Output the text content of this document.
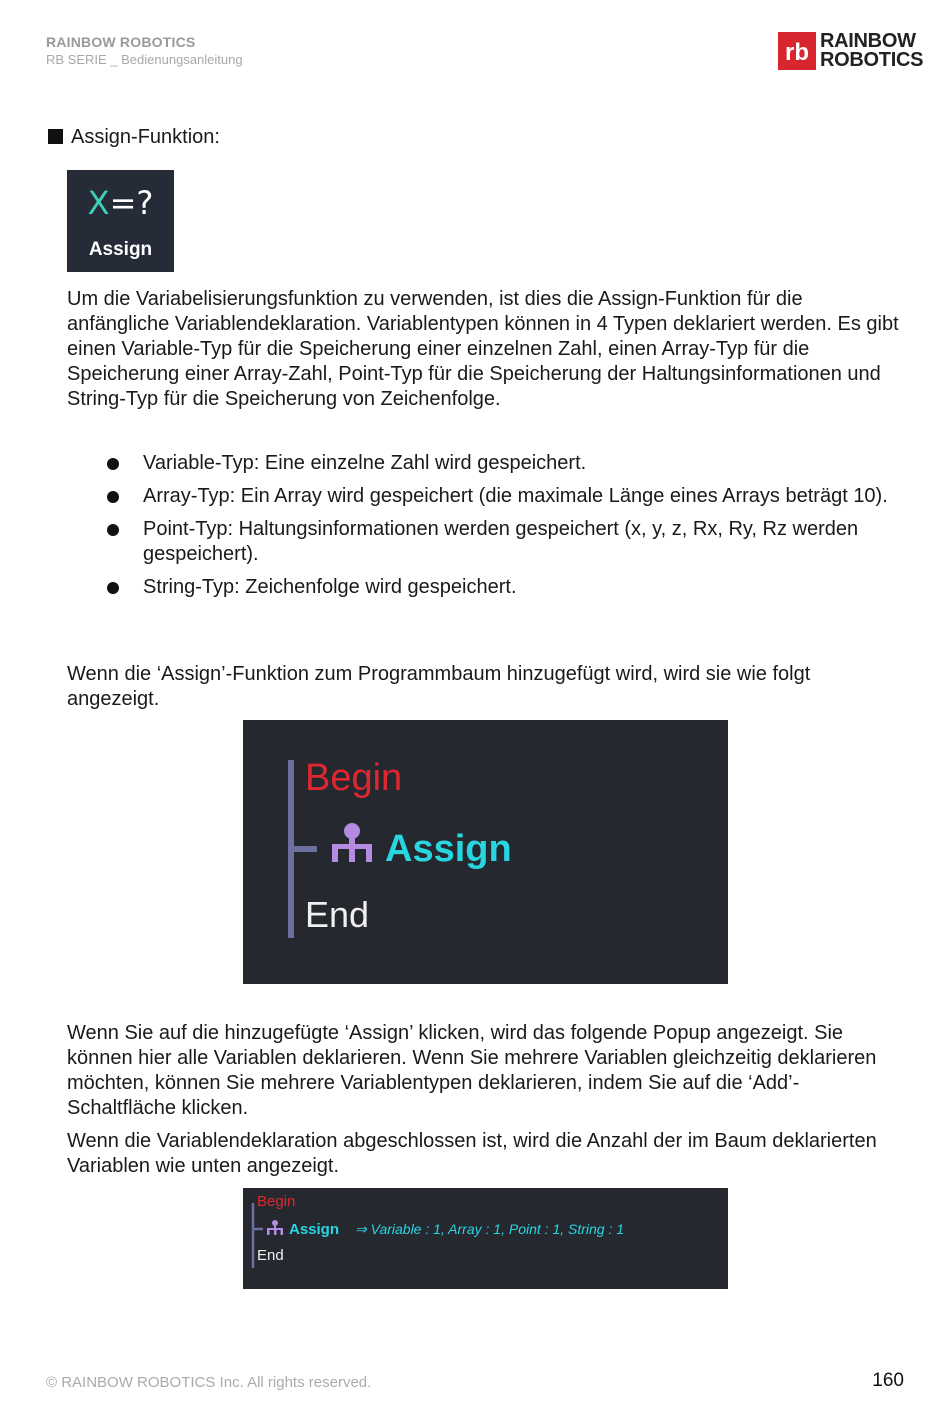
RAINBOW ROBOTICS
RB SERIE _ Bedienungsanleitung	rb RAINBOW
ROBOTICS
Assign-Funktion:
X=?
Assign

Um die Variabelisierungsfunktion zu verwenden, ist dies die Assign-Funktion für die anfängliche Variablendeklaration. Variablentypen können in 4 Typen deklariert werden. Es gibt einen Variable-Typ für die Speicherung einer einzelnen Zahl, einen Array-Typ für die Speicherung einer Array-Zahl, Point-Typ für die Speicherung der Haltungsinformationen und String-Typ für die Speicherung von Zeichenfolge.

Variable-Typ: Eine einzelne Zahl wird gespeichert.
Array-Typ: Ein Array wird gespeichert (die maximale Länge eines Arrays beträgt 10).
Point-Typ: Haltungsinformationen werden gespeichert (x, y, z, Rx, Ry, Rz werden gespeichert).
String-Typ: Zeichenfolge wird gespeichert.

Wenn die ‘Assign’-Funktion zum Programmbaum hinzugefügt wird, wird sie wie folgt angezeigt.

Begin
Assign
End

Wenn Sie auf die hinzugefügte ‘Assign’ klicken, wird das folgende Popup angezeigt. Sie können hier alle Variablen deklarieren. Wenn Sie mehrere Variablen gleichzeitig deklarieren möchten, können Sie mehrere Variablentypen deklarieren, indem Sie auf die ‘Add’-Schaltfläche klicken.

Wenn die Variablendeklaration abgeschlossen ist, wird die Anzahl der im Baum deklarierten Variablen wie unten angezeigt.

Begin
Assign ⇒ Variable : 1, Array : 1, Point : 1, String : 1
End
© RAINBOW ROBOTICS Inc. All rights reserved.	160
